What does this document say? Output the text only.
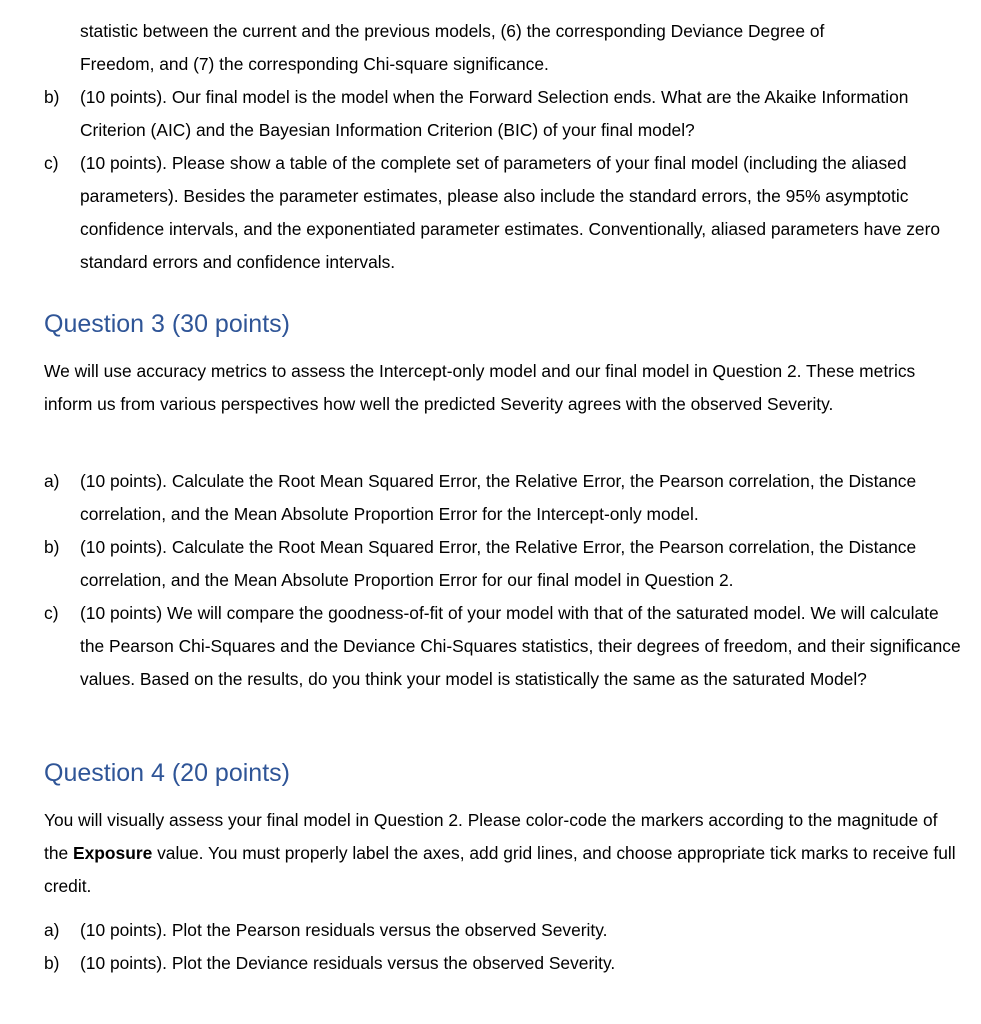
statistic between the current and the previous models, (6) the corresponding Deviance Degree of
Freedom, and (7) the corresponding Chi-square significance.
b)	(10 points). Our final model is the model when the Forward Selection ends. What are the Akaike Information Criterion (AIC) and the Bayesian Information Criterion (BIC) of your final model?
c)	(10 points). Please show a table of the complete set of parameters of your final model (including the aliased parameters). Besides the parameter estimates, please also include the standard errors, the 95% asymptotic confidence intervals, and the exponentiated parameter estimates. Conventionally, aliased parameters have zero standard errors and confidence intervals.
Question 3 (30 points)
We will use accuracy metrics to assess the Intercept-only model and our final model in Question 2. These metrics inform us from various perspectives how well the predicted Severity agrees with the observed Severity.
a)	(10 points). Calculate the Root Mean Squared Error, the Relative Error, the Pearson correlation, the Distance correlation, and the Mean Absolute Proportion Error for the Intercept-only model.
b)	(10 points). Calculate the Root Mean Squared Error, the Relative Error, the Pearson correlation, the Distance correlation, and the Mean Absolute Proportion Error for our final model in Question 2.
c)	(10 points) We will compare the goodness-of-fit of your model with that of the saturated model. We will calculate the Pearson Chi-Squares and the Deviance Chi-Squares statistics, their degrees of freedom, and their significance values. Based on the results, do you think your model is statistically the same as the saturated Model?
Question 4 (20 points)
You will visually assess your final model in Question 2. Please color-code the markers according to the magnitude of the Exposure value. You must properly label the axes, add grid lines, and choose appropriate tick marks to receive full credit.
a)	(10 points). Plot the Pearson residuals versus the observed Severity.
b)	(10 points). Plot the Deviance residuals versus the observed Severity.
